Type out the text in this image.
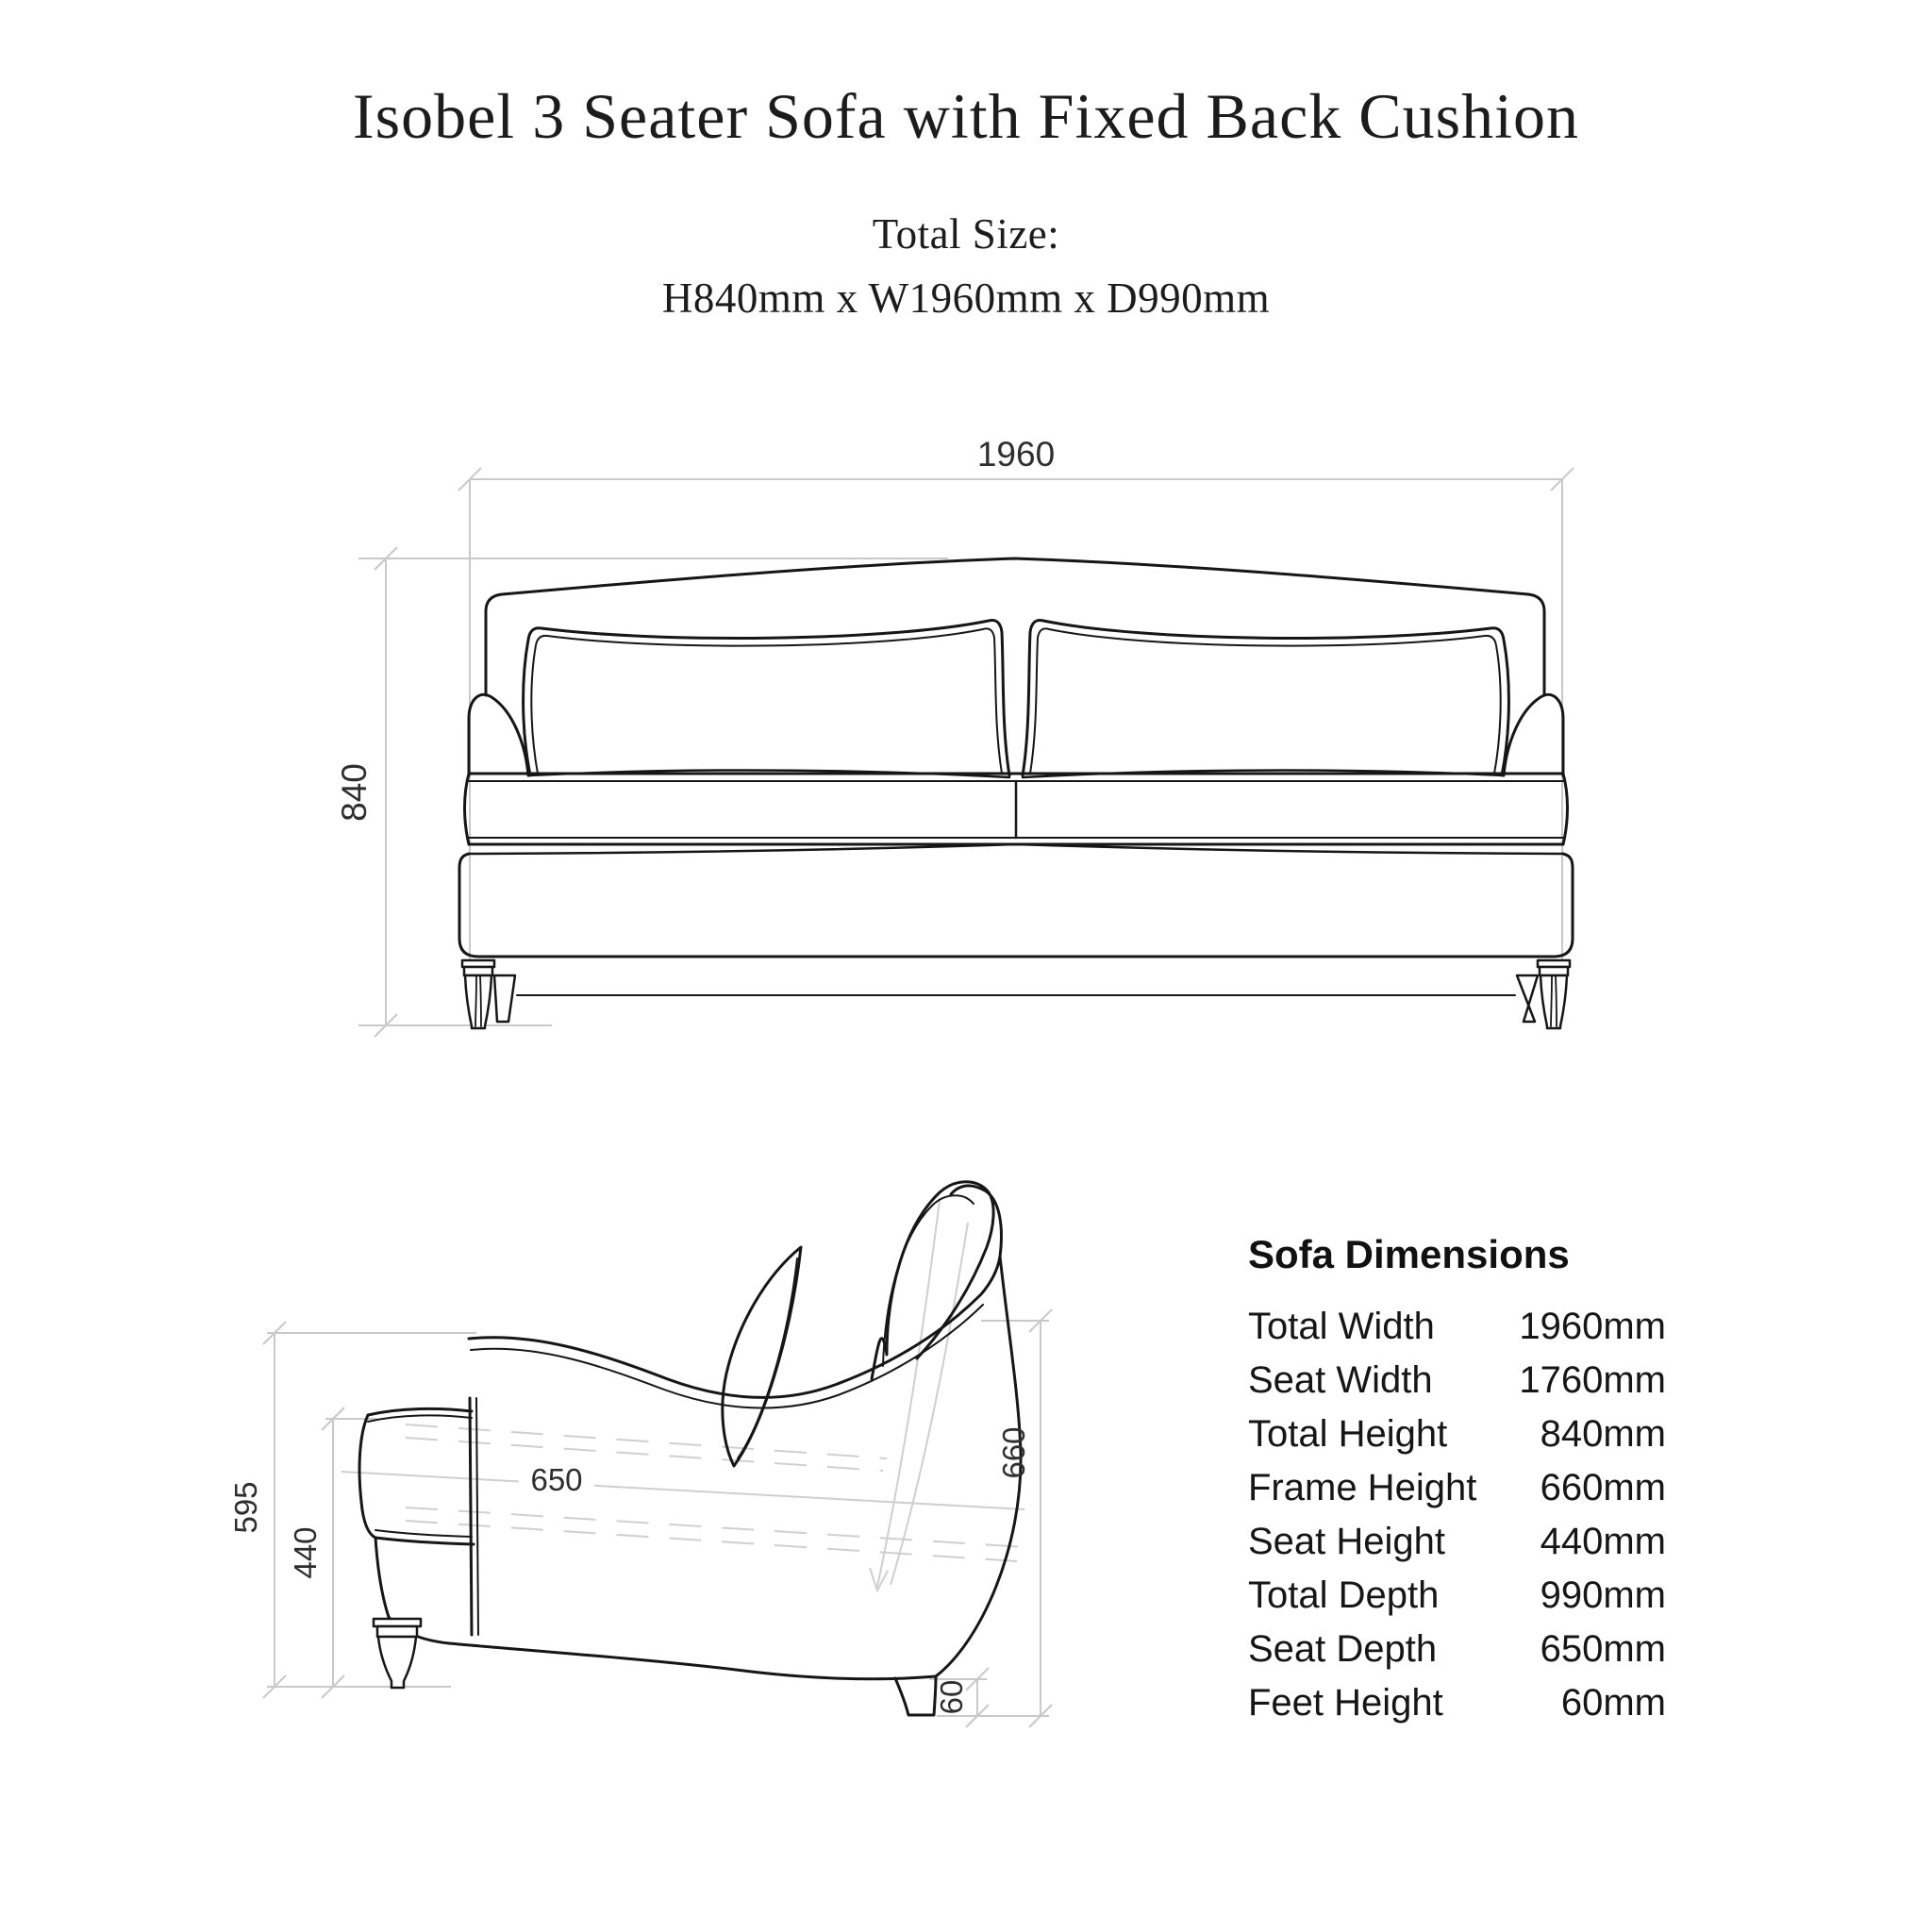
Isobel 3 Seater Sofa with Fixed Back Cushion
Total Size:
H840mm x W1960mm x D990mm
1960
840
650
595
440
660
60
Sofa Dimensions
Total Width 1960mm
Seat Width 1760mm
Total Height 840mm
Frame Height 660mm
Seat Height	440mm
Total Depth	990mm
Seat Depth	650mm
Feet Height	60mm
